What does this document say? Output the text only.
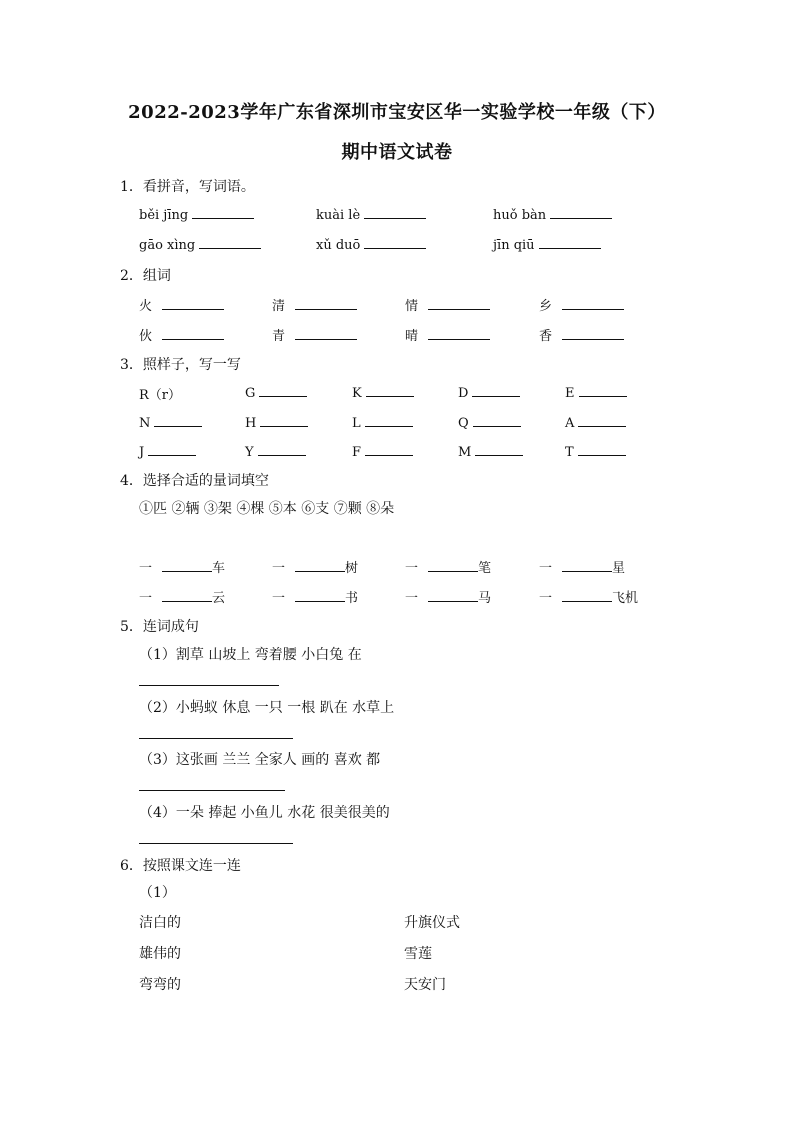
2022-2023学年广东省深圳市宝安区华一实验学校一年级（下）
期中语文试卷
1．看拼音，写词语。
běi jīng	kuài lè	huǒ bàn
gāo xìng	xǔ duō	jīn qiū
2．组词
火	清	情	乡
伙	青	晴	香
3．照样子，写一写
R（r）	G	K	D	E
N	H	L	Q	A
J	Y	F	M	T
4．选择合适的量词填空
①匹 ②辆 ③架 ④棵 ⑤本 ⑥支 ⑦颗 ⑧朵
一	车	一	树	一	笔	一	星
一	云	一	书	一	马	一	飞机
5．连词成句
（1）割草 山坡上 弯着腰 小白兔 在
（2）小蚂蚁 休息 一只 一根 趴在 水草上
（3）这张画 兰兰 全家人 画的 喜欢 都
（4）一朵 捧起 小鱼儿 水花 很美很美的
6．按照课文连一连
（1）
洁白的	升旗仪式
雄伟的	雪莲
弯弯的	天安门
